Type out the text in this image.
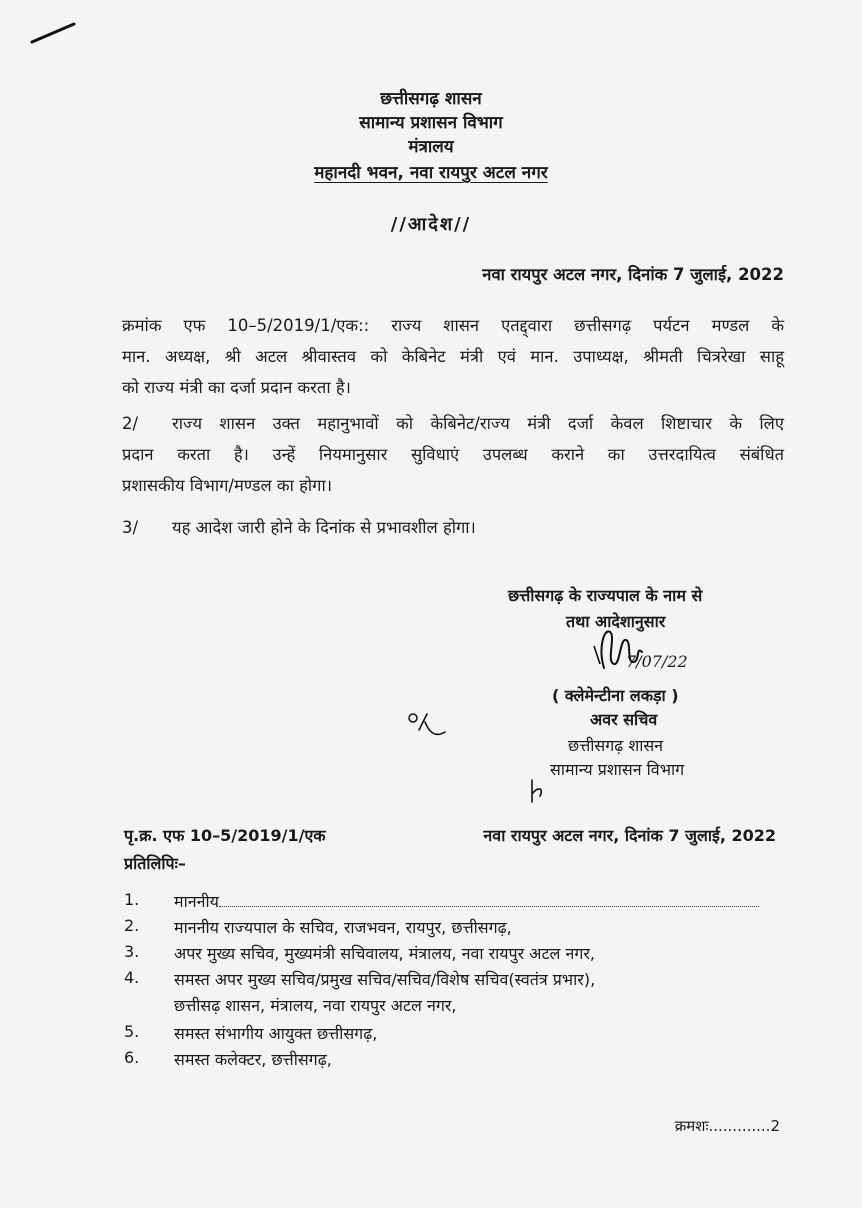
छत्तीसगढ़ शासन
सामान्य प्रशासन विभाग
मंत्रालय
महानदी भवन, नवा रायपुर अटल नगर
//आदेश//
नवा रायपुर अटल नगर, दिनांक 7 जुलाई, 2022
क्रमांक एफ 10–5/2019/1/एक:: राज्य शासन एतद्द्वारा छत्तीसगढ़ पर्यटन मण्डल के
मान. अध्यक्ष, श्री अटल श्रीवास्तव को केबिनेट मंत्री एवं मान. उपाध्यक्ष, श्रीमती चित्ररेखा साहू
को राज्य मंत्री का दर्जा प्रदान करता है।
2/ राज्य शासन उक्त महानुभावों को केबिनेट/राज्य मंत्री दर्जा केवल शिष्टाचार के लिए
प्रदान करता है। उन्हें नियमानुसार सुविधाएं उपलब्ध कराने का उत्तरदायित्व संबंधित
प्रशासकीय विभाग/मण्डल का होगा।
3/ यह आदेश जारी होने के दिनांक से प्रभावशील होगा।
छत्तीसगढ़ के राज्यपाल के नाम से
तथा आदेशानुसार
7/07/22
( क्लेमेन्टीना लकड़ा )
अवर सचिव
छत्तीसगढ़ शासन
सामान्य प्रशासन विभाग
पृ.क्र. एफ 10–5/2019/1/एक	नवा रायपुर अटल नगर, दिनांक 7 जुलाई, 2022
प्रतिलिपिः–
1.	माननीय
2.	माननीय राज्यपाल के सचिव, राजभवन, रायपुर, छत्तीसगढ़,
3.	अपर मुख्य सचिव, मुख्यमंत्री सचिवालय, मंत्रालय, नवा रायपुर अटल नगर,
4.	समस्त अपर मुख्य सचिव/प्रमुख सचिव/सचिव/विशेष सचिव(स्वतंत्र प्रभार),
छत्तीसढ़ शासन, मंत्रालय, नवा रायपुर अटल नगर,
5.	समस्त संभागीय आयुक्त छत्तीसगढ़,
6.	समस्त कलेक्टर, छत्तीसगढ़,
क्रमशः.............2
